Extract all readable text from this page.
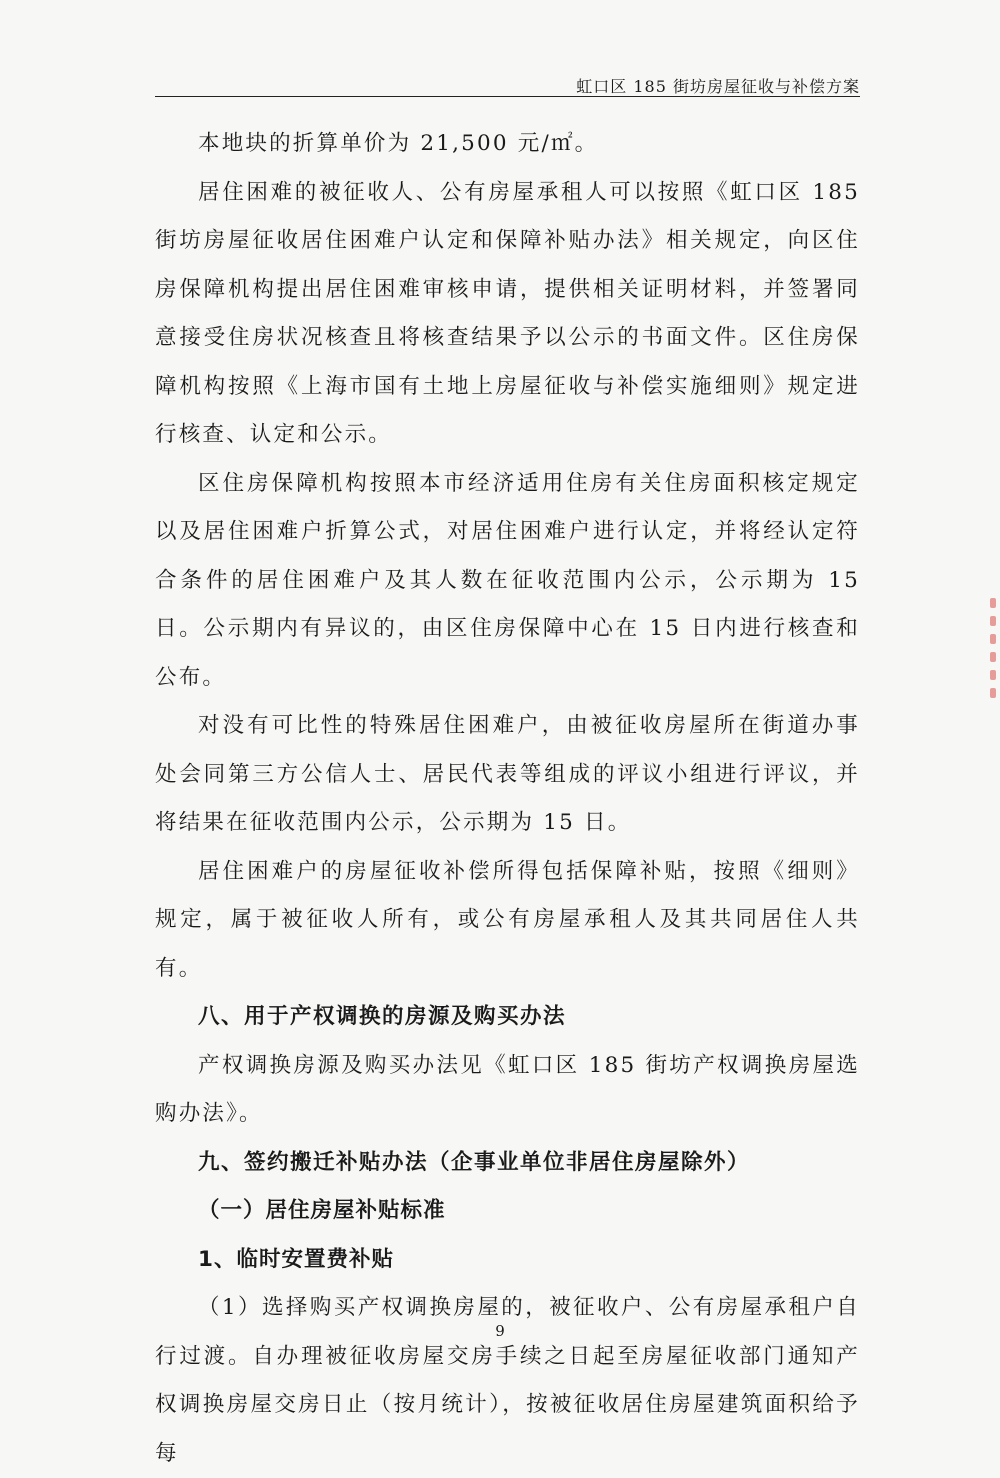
虹口区 185 街坊房屋征收与补偿方案

本地块的折算单价为 21,500 元/㎡。

居住困难的被征收人、公有房屋承租人可以按照《虹口区 185 街坊房屋征收居住困难户认定和保障补贴办法》相关规定，向区住房保障机构提出居住困难审核申请，提供相关证明材料，并签署同意接受住房状况核查且将核查结果予以公示的书面文件。区住房保障机构按照《上海市国有土地上房屋征收与补偿实施细则》规定进行核查、认定和公示。

区住房保障机构按照本市经济适用住房有关住房面积核定规定以及居住困难户折算公式，对居住困难户进行认定，并将经认定符合条件的居住困难户及其人数在征收范围内公示，公示期为 15 日。公示期内有异议的，由区住房保障中心在 15 日内进行核查和公布。

对没有可比性的特殊居住困难户，由被征收房屋所在街道办事处会同第三方公信人士、居民代表等组成的评议小组进行评议，并将结果在征收范围内公示，公示期为 15 日。

居住困难户的房屋征收补偿所得包括保障补贴，按照《细则》规定，属于被征收人所有，或公有房屋承租人及其共同居住人共有。

八、用于产权调换的房源及购买办法

产权调换房源及购买办法见《虹口区 185 街坊产权调换房屋选购办法》。

九、签约搬迁补贴办法（企事业单位非居住房屋除外）

（一）居住房屋补贴标准

1、临时安置费补贴

（1）选择购买产权调换房屋的，被征收户、公有房屋承租户自行过渡。自办理被征收房屋交房手续之日起至房屋征收部门通知产权调换房屋交房日止（按月统计），按被征收居住房屋建筑面积给予每

9
